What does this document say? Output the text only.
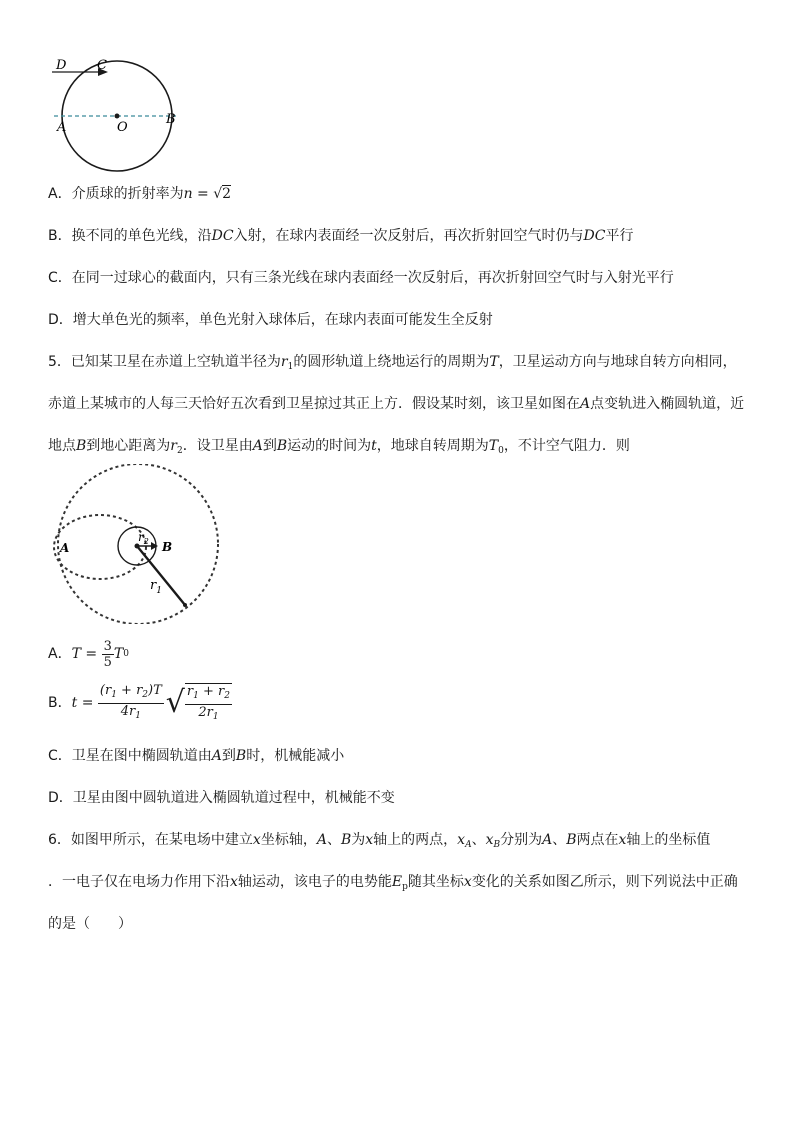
D C
A	O
B
A．介质球的折射率为n = √2
B．换不同的单色光线，沿DC入射，在球内表面经一次反射后，再次折射回空气时仍与DC平行
C．在同一过球心的截面内，只有三条光线在球内表面经一次反射后，再次折射回空气时与入射光平行
D．增大单色光的频率，单色光射入球体后，在球内表面可能发生全反射
5．已知某卫星在赤道上空轨道半径为$r_1$的圆形轨道上绕地运行的周期为T，卫星运动方向与地球自转方向相同，
赤道上某城市的人每三天恰好五次看到卫星掠过其正上方．假设某时刻，该卫星如图在A点变轨进入椭圆轨道，近
地点B到地心距离为$r_2$．设卫星由A到B运动的时间为t，地球自转周期为$T_0$，不计空气阻力．则
A	B
$r_2$
$r_1$
A． $T = \frac{3}{5}$ T 0
B． $t = \frac{(r_1 + r_2)T}{4r_1}$ √ $\frac{r_1 + r_2}{2r_1}$
C．卫星在图中椭圆轨道由A到B时，机械能减小
D．卫星由图中圆轨道进入椭圆轨道过程中，机械能不变
6．如图甲所示，在某电场中建立x坐标轴，A、B为x轴上的两点，$x_A$、$x_B$分别为A、B两点在x轴上的坐标值
．一电子仅在电场力作用下沿x轴运动，该电子的电势能$E_p$随其坐标x变化的关系如图乙所示，则下列说法中正确
的是（　　）
